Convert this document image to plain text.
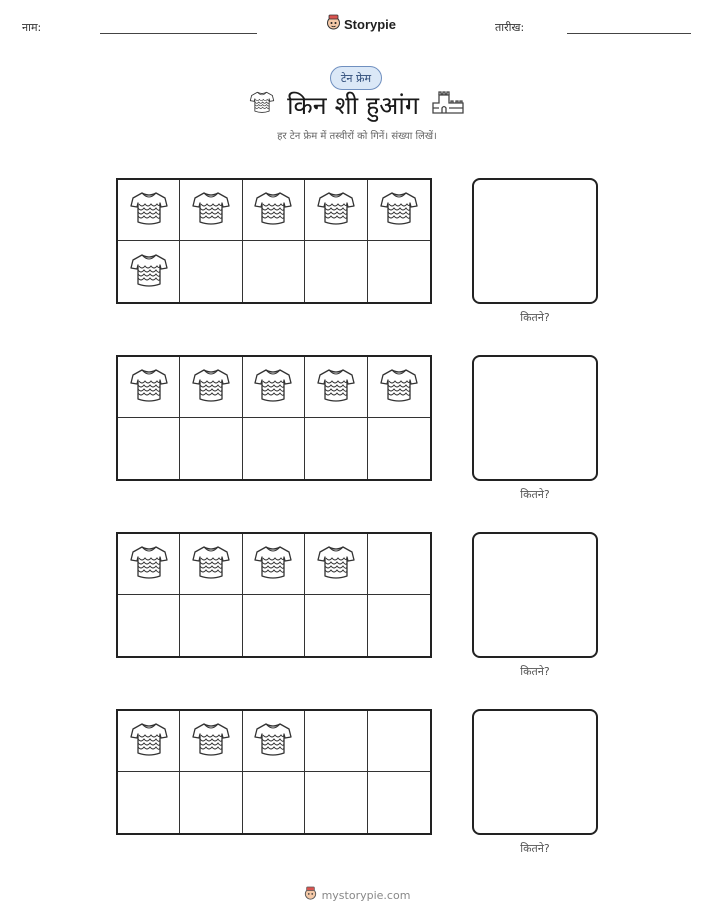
नाम:	Storypie	तारीख:
टेन फ्रेम
किन शी हुआंग
हर टेन फ्रेम में तस्वीरों को गिनें। संख्या लिखें।
कितने?
कितने?
कितने?
कितने?
mystorypie.com
